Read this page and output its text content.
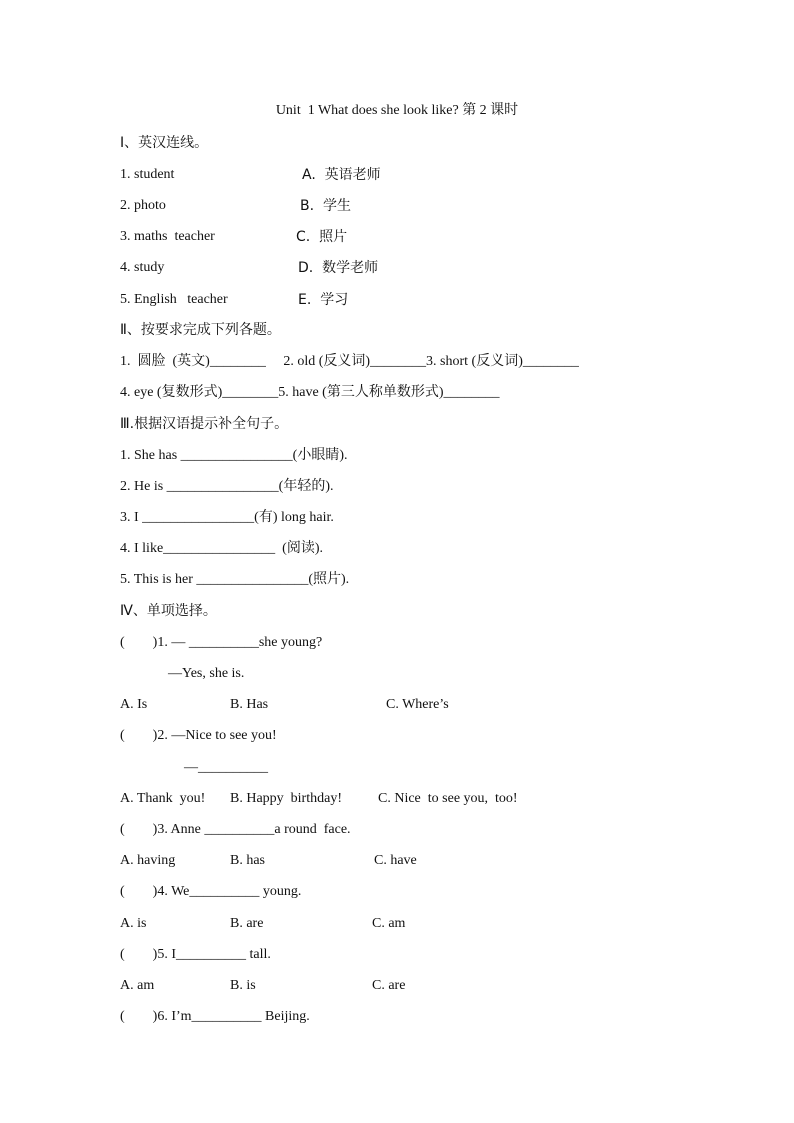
Unit  1 What does she look like? 第 2 课时
Ⅰ、英汉连线。
1. student	A.  英语老师
2. photo	B.  学生
3. maths  teacher	C.  照片
4. study	D.  数学老师
5. English   teacher	E.  学习
Ⅱ、按要求完成下列各题。
1.  圆脸  (英文)________     2. old (反义词)________3. short (反义词)________
4. eye (复数形式)________5. have (第三人称单数形式)________
Ⅲ.根据汉语提示补全句子。
1. She has ________________(小眼睛).
2. He is ________________(年轻的).
3. I ________________(有) long hair.
4. I like________________  (阅读).
5. This is her ________________(照片).
Ⅳ、单项选择。
(        )1. — __________she young?
—Yes, she is.
A. Is	B. Has	C. Where’s
(        )2. —Nice to see you!
—__________
A. Thank  you! B. Happy  birthday!	C. Nice  to see you,  too!
(        )3. Anne __________a round  face.
A. having	B. has	C. have
(        )4. We__________ young.
A. is	B. are	C. am
(        )5. I__________ tall.
A. am	B. is	C. are
(        )6. I’m__________ Beijing.
